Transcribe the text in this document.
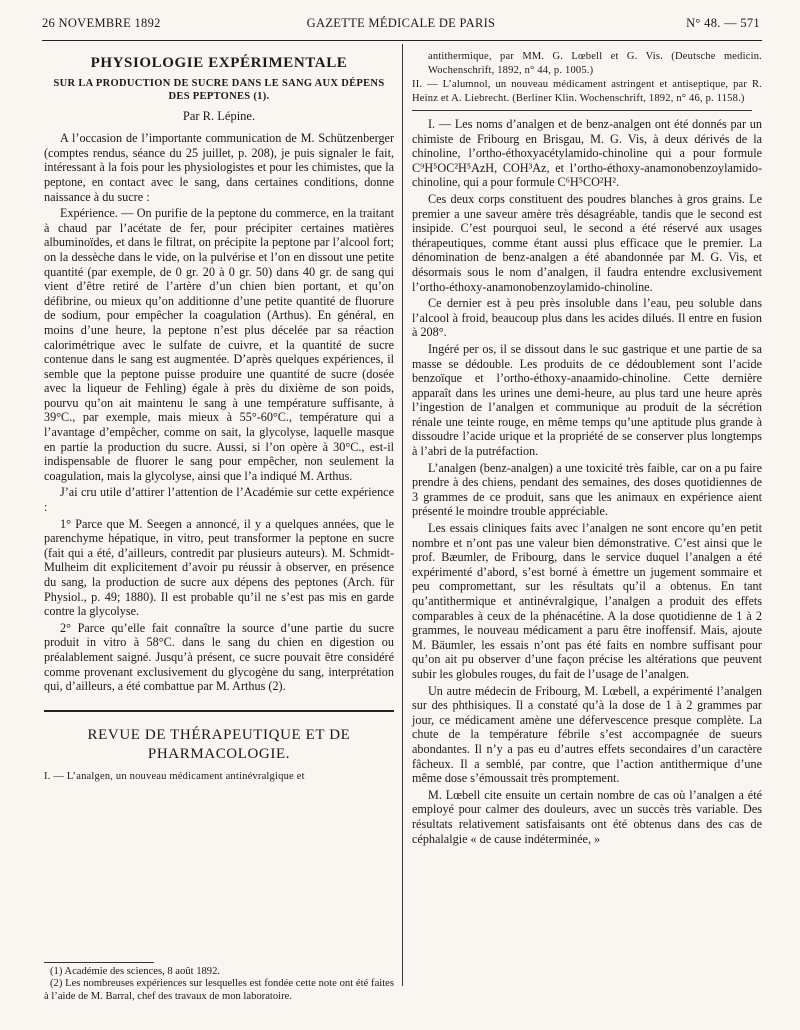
26 NOVEMBRE 1892	GAZETTE MÉDICALE DE PARIS	N° 48. — 571
PHYSIOLOGIE EXPÉRIMENTALE
SUR LA PRODUCTION DE SUCRE DANS LE SANG AUX DÉPENS DES PEPTONES (1).
Par R. Lépine.

A l’occasion de l’importante communication de M. Schützenberger (comptes rendus, séance du 25 juillet, p. 208), je puis signaler le fait, intéressant à la fois pour les physiologistes et pour les chimistes, que la peptone, en contact avec le sang, dans certaines conditions, donne naissance à du sucre :

Expérience. — On purifie de la peptone du commerce, en la traitant à chaud par l’acétate de fer, pour précipiter certaines matières albuminoïdes, et dans le filtrat, on précipite la peptone par l’alcool fort; on la dessèche dans le vide, on la pulvérise et l’on en dissout une petite quantité (par exemple, de 0 gr. 20 à 0 gr. 50) dans 40 gr. de sang qui vient d’être retiré de l’artère d’un chien bien portant, et qu’on défibrine, ou mieux qu’on additionne d’une petite quantité de fluorure de sodium, pour empêcher la coagulation (Arthus). En général, en moins d’une heure, la peptone n’est plus décelée par sa réaction calorimétrique avec le sulfate de cuivre, et la quantité de sucre contenue dans le sang est augmentée. D’après quelques expériences, il semble que la peptone puisse produire une quantité de sucre (dosée avec la liqueur de Fehling) égale à près du dixième de son poids, pourvu qu’on ait maintenu le sang à une température suffisante, à 39°C., par exemple, mais mieux à 55°-60°C., température qui a l’avantage d’empêcher, comme on sait, la glycolyse, laquelle masque en partie la production du sucre. Aussi, si l’on opère à 30°C., est-il indispensable de fluorer le sang pour empêcher, non seulement la coagulation, mais la glycolyse, ainsi que l’a indiqué M. Arthus.

J’ai cru utile d’attirer l’attention de l’Académie sur cette expérience :

1° Parce que M. Seegen a annoncé, il y a quelques années, que le parenchyme hépatique, in vitro, peut transformer la peptone en sucre (fait qui a été, d’ailleurs, contredit par plusieurs auteurs). M. Schmidt-Mulheim dit explicitement d’avoir pu réussir à observer, en présence du sang, la production de sucre aux dépens des peptones (Arch. für Physiol., p. 49; 1880). Il est probable qu’il ne s’est pas mis en garde contre la glycolyse.

2° Parce qu’elle fait connaître la source d’une partie du sucre produit in vitro à 58°C. dans le sang du chien en digestion ou préalablement saigné. Jusqu’à présent, ce sucre pouvait être considéré comme provenant exclusivement du glycogène du sang, interprétation qui, d’ailleurs, a été combattue par M. Arthus (2).

REVUE DE THÉRAPEUTIQUE ET DE PHARMACOLOGIE.
I. — L’analgen, un nouveau médicament antinévralgique et

(1) Académie des sciences, 8 août 1892.

(2) Les nombreuses expériences sur lesquelles est fondée cette note ont été faites à l’aide de M. Barral, chef des travaux de mon laboratoire.

antithermique, par MM. G. Lœbell et G. Vis. (Deutsche medicin. Wochenschrift, 1892, n° 44, p. 1005.)
II. — L’alumnol, un nouveau médicament astringent et antiseptique, par R. Heinz et A. Liebrecht. (Berliner Klin. Wochenschrift, 1892, n° 46, p. 1158.)

I. — Les noms d’analgen et de benz-analgen ont été donnés par un chimiste de Fribourg en Brisgau, M. G. Vis, à deux dérivés de la chinoline, l’ortho-éthoxyacétylamido-chinoline qui a pour formule C⁹H⁵OC²H⁵AzH, COH³Az, et l’ortho-éthoxy-anamonobenzoylamido-chinoline, qui a pour formule C⁶H⁵CO²H².

Ces deux corps constituent des poudres blanches à gros grains. Le premier a une saveur amère très désagréable, tandis que le second est insipide. C’est pourquoi seul, le second a été réservé aux usages thérapeutiques, comme étant aussi plus efficace que le premier. La dénomination de benz-analgen a été abandonnée par M. G. Vis, et désormais sous le nom d’analgen, il faudra entendre exclusivement l’ortho-éthoxy-anamonobenzoylamido-chinoline.

Ce dernier est à peu près insoluble dans l’eau, peu soluble dans l’alcool à froid, beaucoup plus dans les acides dilués. Il entre en fusion à 208°.

Ingéré per os, il se dissout dans le suc gastrique et une partie de sa masse se dédouble. Les produits de ce dédoublement sont l’acide benzoïque et l’ortho-éthoxy-anaamido-chinoline. Cette dernière apparaît dans les urines une demi-heure, au plus tard une heure après l’ingestion de l’analgen et communique au produit de la sécrétion rénale une teinte rouge, en même temps qu’une aptitude plus grande à dissoudre l’acide urique et la propriété de se conserver plus longtemps à l’abri de la putréfaction.

L’analgen (benz-analgen) a une toxicité très faible, car on a pu faire prendre à des chiens, pendant des semaines, des doses quotidiennes de 3 grammes de ce produit, sans que les animaux en expérience aient présenté le moindre trouble appréciable.

Les essais cliniques faits avec l’analgen ne sont encore qu’en petit nombre et n’ont pas une valeur bien démonstrative. C’est ainsi que le prof. Bæumler, de Fribourg, dans le service duquel l’analgen a été expérimenté d’abord, s’est borné à émettre un jugement sommaire et peu compromettant, sur les résultats qu’il a obtenus. En tant qu’antithermique et antinévralgique, l’analgen a produit des effets comparables à ceux de la phénacétine. A la dose quotidienne de 1 à 2 grammes, le nouveau médicament a paru être inoffensif. Mais, ajoute M. Bäumler, les essais n’ont pas été faits en nombre suffisant pour qu’on ait pu observer d’une façon précise les altérations que peuvent subir les globules rouges, du fait de l’usage de l’analgen.

Un autre médecin de Fribourg, M. Lœbell, a expérimenté l’analgen sur des phthisiques. Il a constaté qu’à la dose de 1 à 2 grammes par jour, ce médicament amène une défervescence presque complète. La chute de la température fébrile s’est accompagnée de sueurs abondantes. Il n’y a pas eu d’autres effets secondaires d’un caractère fâcheux. Il a semblé, par contre, que l’action antithermique d’une même dose s’émoussait très promptement.

M. Lœbell cite ensuite un certain nombre de cas où l’analgen a été employé pour calmer des douleurs, avec un succès très variable. Des résultats relativement satisfaisants ont été obtenus dans des cas de céphalalgie « de cause indéterminée, »
